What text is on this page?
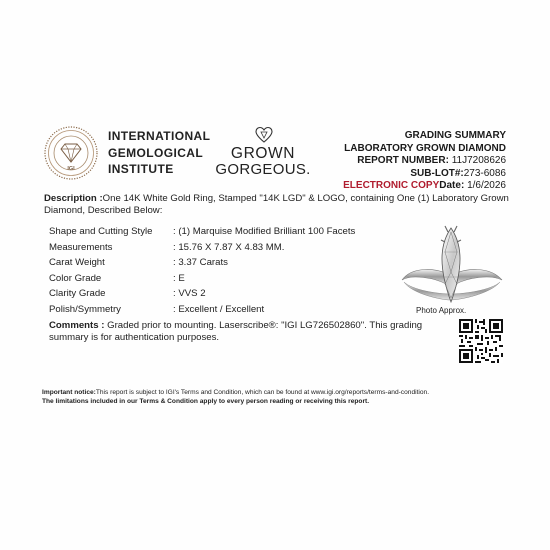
IGI
INTERNATIONAL
GEMOLOGICAL
INSTITUTE
GROWN
GORGEOUS.
GRADING SUMMARY
LABORATORY GROWN DIAMOND
REPORT NUMBER: 11J7208626
SUB-LOT#:273-6086
ELECTRONIC COPYDate: 1/6/2026
Description :One 14K White Gold Ring, Stamped "14K LGD" & LOGO, containing One (1) Laboratory Grown Diamond, Described Below:
Shape and Cutting Style : (1) Marquise Modified Brilliant 100 Facets
Measurements	: 15.76 X 7.87 X 4.83 MM.
Carat Weight	: 3.37 Carats
Color Grade	: E
Clarity Grade	: VVS 2
Polish/Symmetry	: Excellent / Excellent	Photo Approx.
Comments : Graded prior to mounting. Laserscribe®: "IGI LG726502860". This grading summary is for authentication purposes.
Important notice:This report is subject to IGI's Terms and Condition, which can be found at www.igi.org/reports/terms-and-condition.
The limitations included in our Terms & Condition apply to every person reading or receiving this report.
